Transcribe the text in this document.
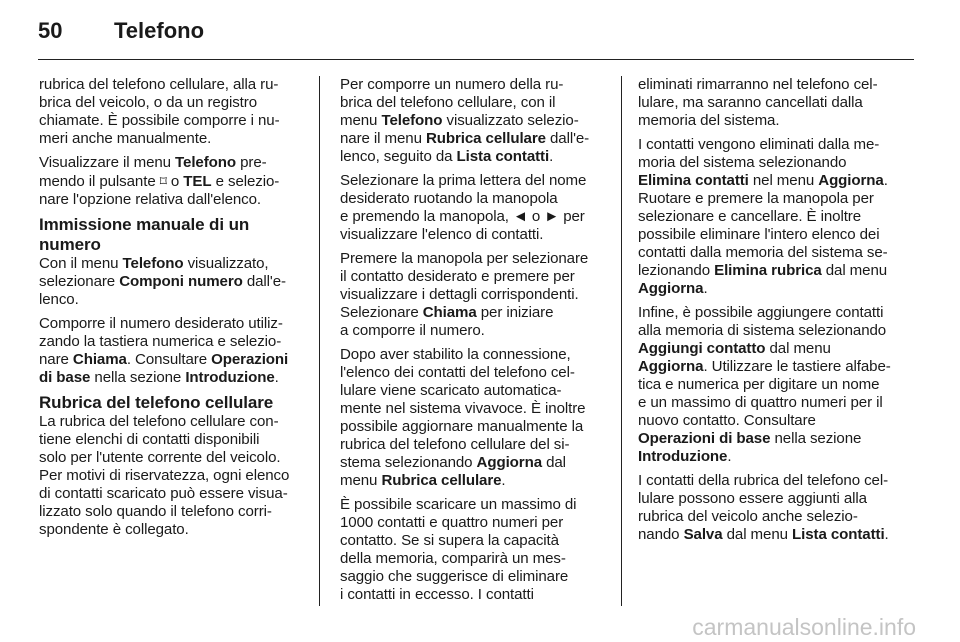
50 Telefono

rubrica del telefono cellulare, alla ru-
brica del veicolo, o da un registro
chiamate. È possibile comporre i nu-
meri anche manualmente.

Visualizzare il menu Telefono pre-
mendo il pulsante ⌑ o TEL e selezio-
nare l'opzione relativa dall'elenco.

Immissione manuale di un
numero

Con il menu Telefono visualizzato,
selezionare Componi numero dall'e-
lenco.

Comporre il numero desiderato utiliz-
zando la tastiera numerica e selezio-
nare Chiama. Consultare Operazioni
di base nella sezione Introduzione.

Rubrica del telefono cellulare

La rubrica del telefono cellulare con-
tiene elenchi di contatti disponibili
solo per l'utente corrente del veicolo.
Per motivi di riservatezza, ogni elenco
di contatti scaricato può essere visua-
lizzato solo quando il telefono corri-
spondente è collegato.

Per comporre un numero della ru-
brica del telefono cellulare, con il
menu Telefono visualizzato selezio-
nare il menu Rubrica cellulare dall'e-
lenco, seguito da Lista contatti.

Selezionare la prima lettera del nome
desiderato ruotando la manopola
e premendo la manopola, ◄ o ► per
visualizzare l'elenco di contatti.

Premere la manopola per selezionare
il contatto desiderato e premere per
visualizzare i dettagli corrispondenti.
Selezionare Chiama per iniziare
a comporre il numero.

Dopo aver stabilito la connessione,
l'elenco dei contatti del telefono cel-
lulare viene scaricato automatica-
mente nel sistema vivavoce. È inoltre
possibile aggiornare manualmente la
rubrica del telefono cellulare del si-
stema selezionando Aggiorna dal
menu Rubrica cellulare.

È possibile scaricare un massimo di
1000 contatti e quattro numeri per
contatto. Se si supera la capacità
della memoria, comparirà un mes-
saggio che suggerisce di eliminare
i contatti in eccesso. I contatti

eliminati rimarranno nel telefono cel-
lulare, ma saranno cancellati dalla
memoria del sistema.

I contatti vengono eliminati dalla me-
moria del sistema selezionando
Elimina contatti nel menu Aggiorna.
Ruotare e premere la manopola per
selezionare e cancellare. È inoltre
possibile eliminare l'intero elenco dei
contatti dalla memoria del sistema se-
lezionando Elimina rubrica dal menu
Aggiorna.

Infine, è possibile aggiungere contatti
alla memoria di sistema selezionando
Aggiungi contatto dal menu
Aggiorna. Utilizzare le tastiere alfabe-
tica e numerica per digitare un nome
e un massimo di quattro numeri per il
nuovo contatto. Consultare
Operazioni di base nella sezione
Introduzione.

I contatti della rubrica del telefono cel-
lulare possono essere aggiunti alla
rubrica del veicolo anche selezio-
nando Salva dal menu Lista contatti.

carmanualsonline.info
